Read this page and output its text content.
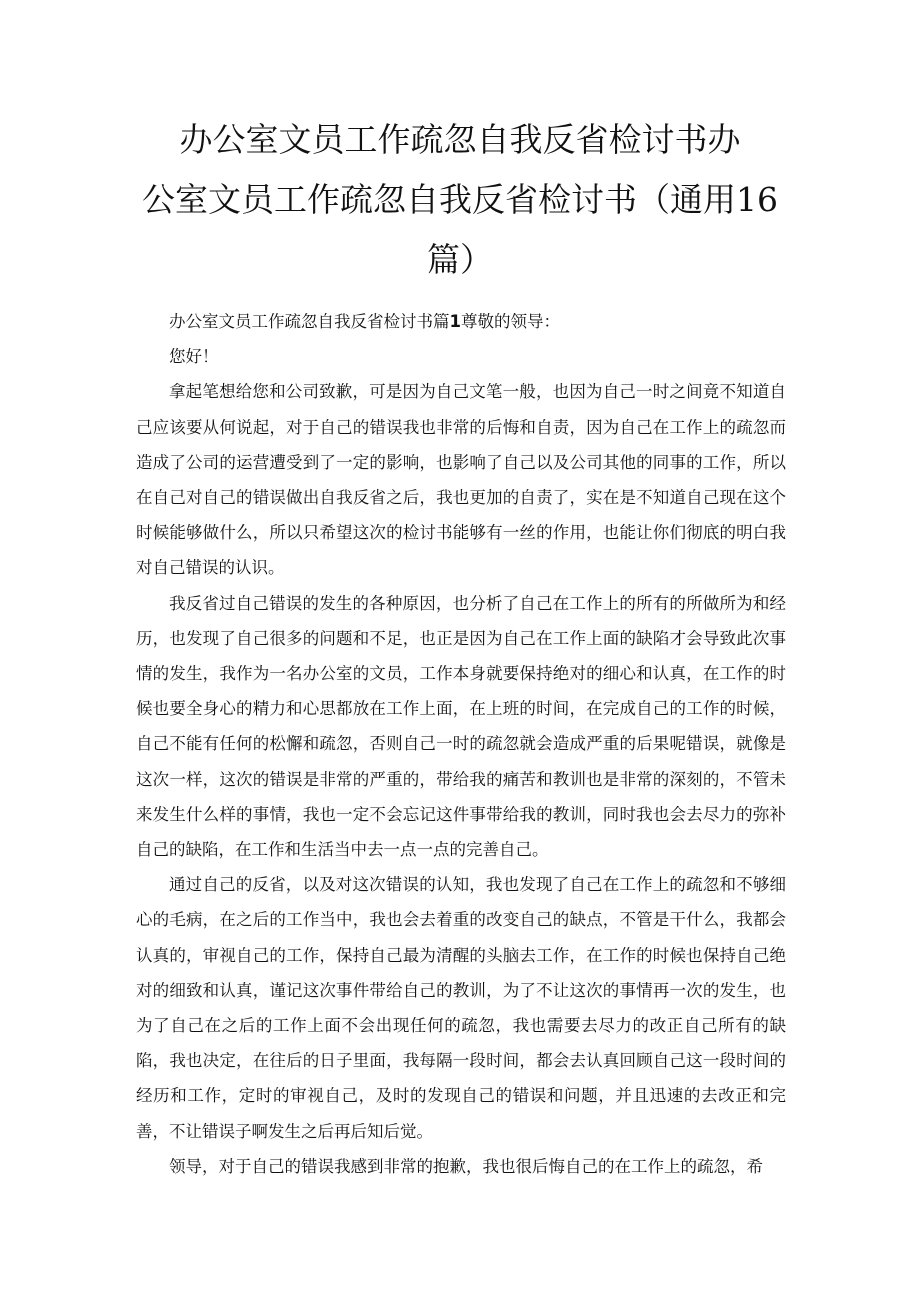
办公室文员工作疏忽自我反省检讨书办
公室文员工作疏忽自我反省检讨书（通用16
篇）

办公室文员工作疏忽自我反省检讨书篇1尊敬的领导：

您好！

拿起笔想给您和公司致歉，可是因为自己文笔一般，也因为自己一时之间竟不知道自己应该要从何说起，对于自己的错误我也非常的后悔和自责，因为自己在工作上的疏忽而造成了公司的运营遭受到了一定的影响，也影响了自己以及公司其他的同事的工作，所以在自己对自己的错误做出自我反省之后，我也更加的自责了，实在是不知道自己现在这个时候能够做什么，所以只希望这次的检讨书能够有一丝的作用，也能让你们彻底的明白我对自己错误的认识。

我反省过自己错误的发生的各种原因，也分析了自己在工作上的所有的所做所为和经历，也发现了自己很多的问题和不足，也正是因为自己在工作上面的缺陷才会导致此次事情的发生，我作为一名办公室的文员，工作本身就要保持绝对的细心和认真，在工作的时候也要全身心的精力和心思都放在工作上面，在上班的时间，在完成自己的工作的时候，自己不能有任何的松懈和疏忽，否则自己一时的疏忽就会造成严重的后果呢错误，就像是这次一样，这次的错误是非常的严重的，带给我的痛苦和教训也是非常的深刻的，不管未来发生什么样的事情，我也一定不会忘记这件事带给我的教训，同时我也会去尽力的弥补自己的缺陷，在工作和生活当中去一点一点的完善自己。

通过自己的反省，以及对这次错误的认知，我也发现了自己在工作上的疏忽和不够细心的毛病，在之后的工作当中，我也会去着重的改变自己的缺点，不管是干什么，我都会认真的，审视自己的工作，保持自己最为清醒的头脑去工作，在工作的时候也保持自己绝对的细致和认真，谨记这次事件带给自己的教训，为了不让这次的事情再一次的发生，也为了自己在之后的工作上面不会出现任何的疏忽，我也需要去尽力的改正自己所有的缺陷，我也决定，在往后的日子里面，我每隔一段时间，都会去认真回顾自己这一段时间的经历和工作，定时的审视自己，及时的发现自己的错误和问题，并且迅速的去改正和完善，不让错误子啊发生之后再后知后觉。

领导，对于自己的错误我感到非常的抱歉，我也很后悔自己的在工作上的疏忽，希
